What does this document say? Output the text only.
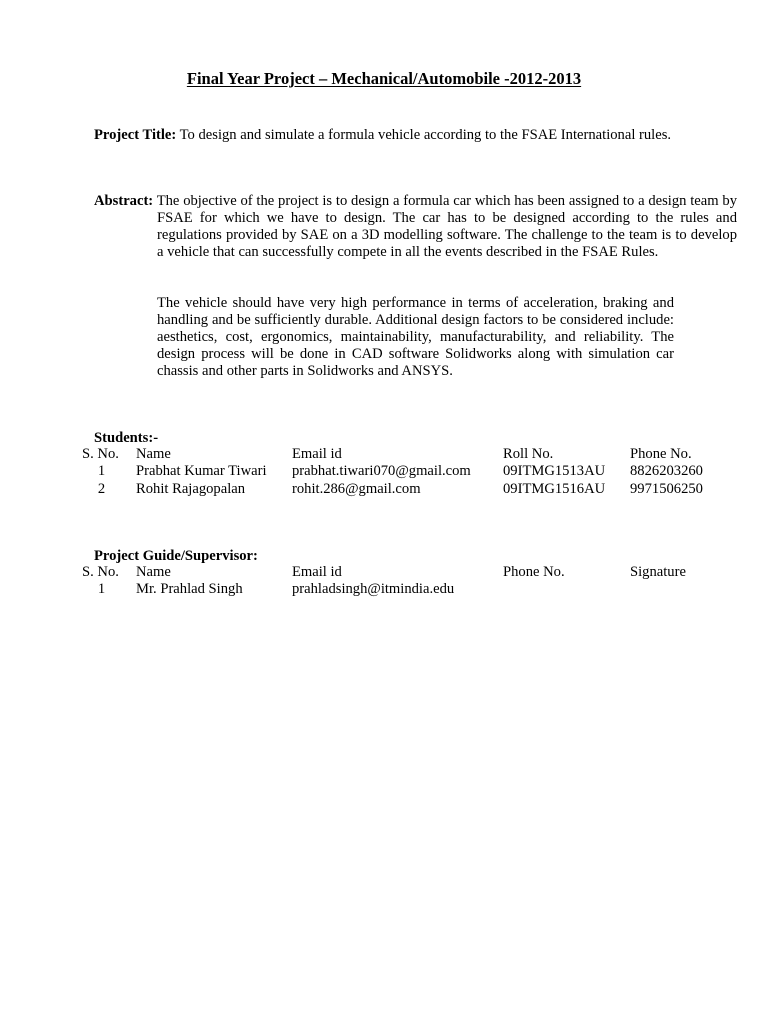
Final Year Project – Mechanical/Automobile -2012-2013
Project Title: To design and simulate a formula vehicle according to the FSAE International rules.
Abstract: The objective of the project is to design a formula car which has been assigned to a design team by FSAE for which we have to design. The car has to be designed according to the rules and regulations provided by SAE on a 3D modelling software. The challenge to the team is to develop a vehicle that can successfully compete in all the events described in the FSAE Rules.
The vehicle should have very high performance in terms of acceleration, braking and handling and be sufficiently durable. Additional design factors to be considered include: aesthetics, cost, ergonomics, maintainability, manufacturability, and reliability. The design process will be done in CAD software Solidworks along with simulation car chassis and other parts in Solidworks and ANSYS.
Students:-
S. No. Name	Email id	Roll No.	Phone No.
1	Prabhat Kumar Tiwari prabhat.tiwari070@gmail.com 09ITMG1513AU 8826203260
2	Rohit Rajagopalan	rohit.286@gmail.com	09ITMG1516AU 9971506250
Project Guide/Supervisor:
S. No. Name	Email id	Phone No.	Signature
1	Mr. Prahlad Singh	prahladsingh@itmindia.edu
